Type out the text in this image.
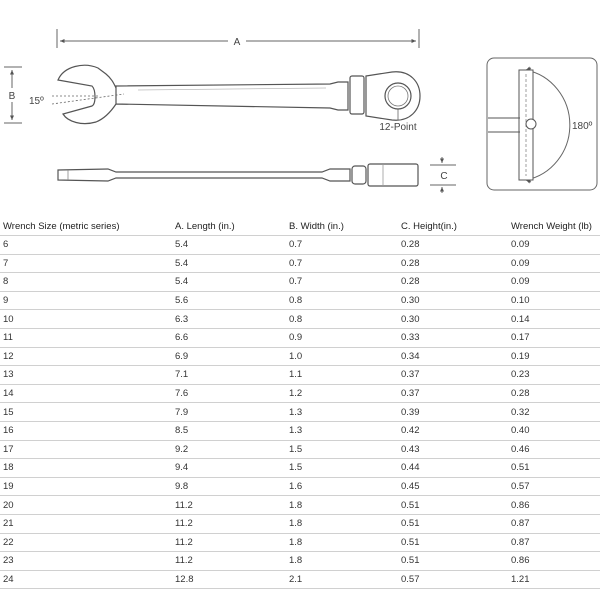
A
B 15º
12-Point
C
180º
Wrench Size (metric series)	A. Length (in.)	B. Width (in.)	C. Height(in.)	Wrench Weight (lb)
6	5.4	0.7	0.28	0.09
7	5.4	0.7	0.28	0.09
8	5.4	0.7	0.28	0.09
9	5.6	0.8	0.30	0.10
10	6.3	0.8	0.30	0.14
11	6.6	0.9	0.33	0.17
12	6.9	1.0	0.34	0.19
13	7.1	1.1	0.37	0.23
14	7.6	1.2	0.37	0.28
15	7.9	1.3	0.39	0.32
16	8.5	1.3	0.42	0.40
17	9.2	1.5	0.43	0.46
18	9.4	1.5	0.44	0.51
19	9.8	1.6	0.45	0.57
20	11.2	1.8	0.51	0.86
21	11.2	1.8	0.51	0.87
22	11.2	1.8	0.51	0.87
23	11.2	1.8	0.51	0.86
24	12.8	2.1	0.57	1.21
